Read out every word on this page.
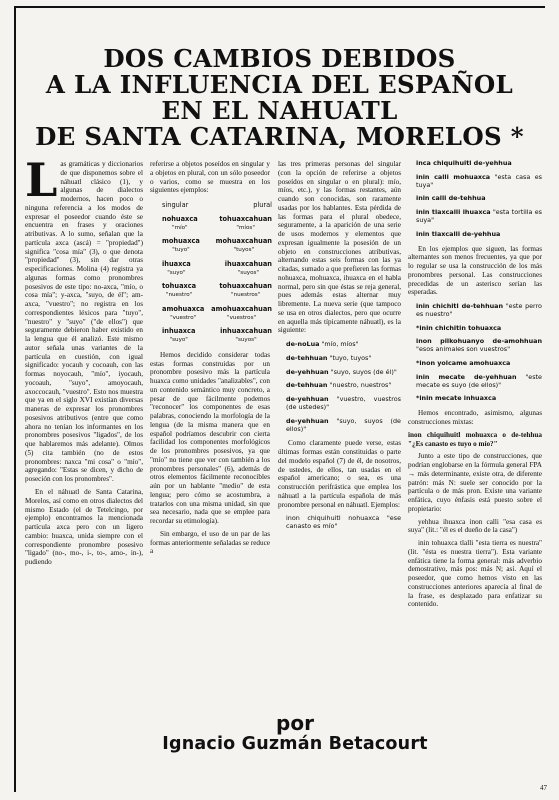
DOS CAMBIOS DEBIDOS
A LA INFLUENCIA DEL ESPAÑOL
EN EL NAHUATL
DE SANTA CATARINA, MORELOS *

L as gramáticas y diccionarios de que disponemos sobre el náhuatl clásico (1), y algunas de dialectos modernos, hacen poco o ninguna referencia a los modos de expresar el poseedor cuando éste se encuentra en frases y oraciones atributivas. A lo sumo, señalan que la partícula axca (ascá) = "propiedad") significa "cosa mía" (3), o que denota "propiedad" (3), sin dar otras especificaciones. Molina (4) registra ya algunas formas como pronombres posesivos de este tipo: no-axca, "mío, o cosa mía"; y-axca, "suyo, de él"; am-axca, "vuestro"; no registra en los correspondientes léxicos para "tuyo", "nuestro" y "suyo" ("de ellos") que seguramente debieron haber existido en la lengua que él analizó. Este mismo autor señala unas variantes de la partícula en cuestión, con igual significado: yocauh y cocoauh, con las formas noyocauh, "mío", iyocauh, yocoauh, "suyo", amoyocauh, axoccocauh, "vuestro". Esto nos muestra que ya en el siglo XVI existían diversas maneras de expresar los pronombres posesivos atributivos (entre que como ahora no tenían los informantes en los pronombres posesivos "ligados", de los que hablaremos más adelante). Olmos (5) cita también (no de estos pronombres: naxca "mi cosa" o "mío", agregando: "Estas se dicen, y dicho de poseción con los pronombres".

En el náhuatl de Santa Catarina, Morelos, así como en otros dialectos del mismo Estado (el de Tetelcingo, por ejemplo) encontramos la mencionada partícula axca pero con un ligero cambio: huaxca, unida siempre con el correspondiente pronombre posesivo "ligado" (no-, mo-, i-, to-, amo-, in-), pudiendo

referirse a objetos poseídos en singular y a objetos en plural, con un sólo poseedor o varios, como se muestra en los siguientes ejemplos:

singular	plural
nohuaxca
"mío"
tohuaxcahuan
"míos"
mohuaxca
"tuyo"
mohuaxcahuan
"tuyos"
ihuaxca
"suyo"
ihuaxcahuan
"suyos"
tohuaxca
"nuestro"
tohuaxcahuan
"nuestros"
amohuaxca
"vuestro"
amohuaxcahuan
"vuestros"
inhuaxca
"suyo"
inhuaxcahuan
"suyos"

Hemos decidido considerar todas estas formas construidas por un pronombre posesivo más la partícula huaxca como unidades "analizables", con un contenido semántico muy concreto, a pesar de que fácilmente podemos "reconocer" los componentes de esas palabras, conociendo la morfología de la lengua (de la misma manera que en español podríamos descubrir con cierta facilidad los componentes morfológicos de los pronombres posesivos, ya que "mío" no tiene que ver con también a los pronombres personales" (6), además de otros elementos fácilmente reconocibles aún por un hablante "medio" de esta lengua; pero cómo se acostumbra, a tratarlos con una misma unidad, sin que sea necesario, nada que se emplee para recordar su etimología).

Sin embargo, el uso de un par de las formas anteriormente señaladas se reduce a

las tres primeras personas del singular (con la opción de referirse a objetos poseídos en singular o en plural): mío, míos, etc.), y las formas restantes, aún cuando son conocidas, son raramente usadas por los hablantes. Esta pérdida de las formas para el plural obedece, seguramente, a la aparición de una serie de usos modernos y elementos que expresan igualmente la posesión de un objeto en construcciones atributivas, alternando estas seis formas con las ya citadas, sumado a que prefieren las formas nohuaxca, mohuaxca, ihuaxca en el habla normal, pero sin que éstas se reja general, pues además estas alternar muy libremente. La nueva serie (que tampoco se usa en otros dialectos, pero que ocurre en aquella más típicamente náhuatl), es la siguiente:

de-noLua "mío, míos"
de-tehhuan "tuyo, tuyos"
de-yehhuan "suyo, suyos (de él)"
de-tehhuan "nuestro, nuestros"
de-yehhuan "vuestro, vuestros (de ustedes)"
de-yehhuan "suyo, suyos (de ellos)"

Como claramente puede verse, estas últimas formas están constituidas o parte del modelo español (7) de él, de nosotros, de ustedes, de ellos, tan usadas en el español americano; o sea, es una construcción perifrástica que emplea los náhuatl a la partícula española de más pronombre personal en náhuatl. Ejemplos:

inon chiquihuitl nohuaxca "ese canasto es mío"
inca chiquihuitl de-yehhua
inin calli mohuaxca "esta casa es tuya"
inin calli de-tehhua
inin tlaxcalli ihuaxca "esta tortilla es suya"
inin tlaxcalli de-yehhua

En los ejemplos que siguen, las formas alternantes son menos frecuentes, ya que por lo regular se usa la construcción de los más pronombres personal. Las construcciones precedidas de un asterisco serían las esperadas.

inin chichitl de-tehhuan "este perro es nuestro"
*inin chichitin tohuaxca
inon pilkohuanyo de-amohhuan "esos animales son vuestros"
*inon yolcame amohuaxca
inin mecate de-yehhuan "este mecate es suyo (de ellos)"
*inin mecate inhuaxca

Hemos encontrado, asimismo, algunas construcciones mixtas:

inon chiquihuitl mohuaxca o de-tehhua "¿Es canasto es tuyo o mío?"

Junto a este tipo de construcciones, que podrían englobarse en la fórmula general FPA → más determinante, existe otra, de diferente patrón: más N: suele ser conocido por la partícula o de más pron. Existe una variante enfática, cuyo énfasis está puesto sobre el propietario:

yehhua ihuaxca inon calli "esa casa es suya" (lit.: "él es el dueño de la casa")

inin tohuaxca tlalli "esta tierra es nuestra" (lit. "ésta es nuestra tierra"). Esta variante enfática tiene la forma general: más adverbio demostrativo, más pos: más N; así. Aquí el poseedor, que como hemos visto en las construcciones anteriores aparecía al final de la frase, es desplazado para enfatizar su contenido.

por
Ignacio Guzmán Betacourt
47
